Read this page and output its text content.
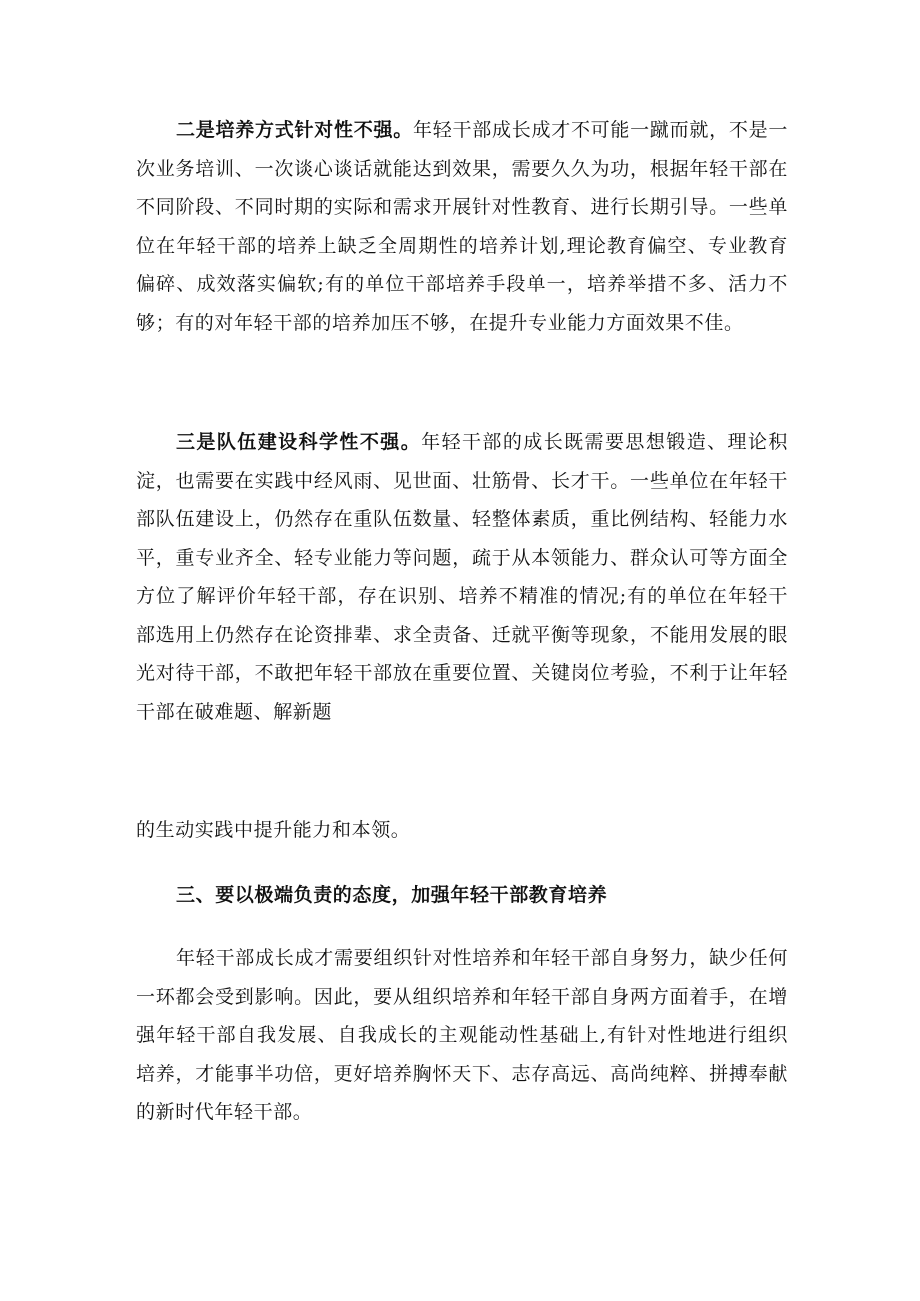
二是培养方式针对性不强。年轻干部成长成才不可能一蹴而就，不是一次业务培训、一次谈心谈话就能达到效果，需要久久为功，根据年轻干部在不同阶段、不同时期的实际和需求开展针对性教育、进行长期引导。一些单位在年轻干部的培养上缺乏全周期性的培养计划,理论教育偏空、专业教育偏碎、成效落实偏软;有的单位干部培养手段单一，培养举措不多、活力不够；有的对年轻干部的培养加压不够，在提升专业能力方面效果不佳。

三是队伍建设科学性不强。年轻干部的成长既需要思想锻造、理论积淀，也需要在实践中经风雨、见世面、壮筋骨、长才干。一些单位在年轻干部队伍建设上，仍然存在重队伍数量、轻整体素质，重比例结构、轻能力水平，重专业齐全、轻专业能力等问题，疏于从本领能力、群众认可等方面全方位了解评价年轻干部，存在识别、培养不精准的情况;有的单位在年轻干部选用上仍然存在论资排辈、求全责备、迁就平衡等现象，不能用发展的眼光对待干部，不敢把年轻干部放在重要位置、关键岗位考验，不利于让年轻干部在破难题、解新题

的生动实践中提升能力和本领。

三、要以极端负责的态度，加强年轻干部教育培养

年轻干部成长成才需要组织针对性培养和年轻干部自身努力，缺少任何一环都会受到影响。因此，要从组织培养和年轻干部自身两方面着手，在增强年轻干部自我发展、自我成长的主观能动性基础上,有针对性地进行组织培养，才能事半功倍，更好培养胸怀天下、志存高远、高尚纯粹、拼搏奉献的新时代年轻干部。
